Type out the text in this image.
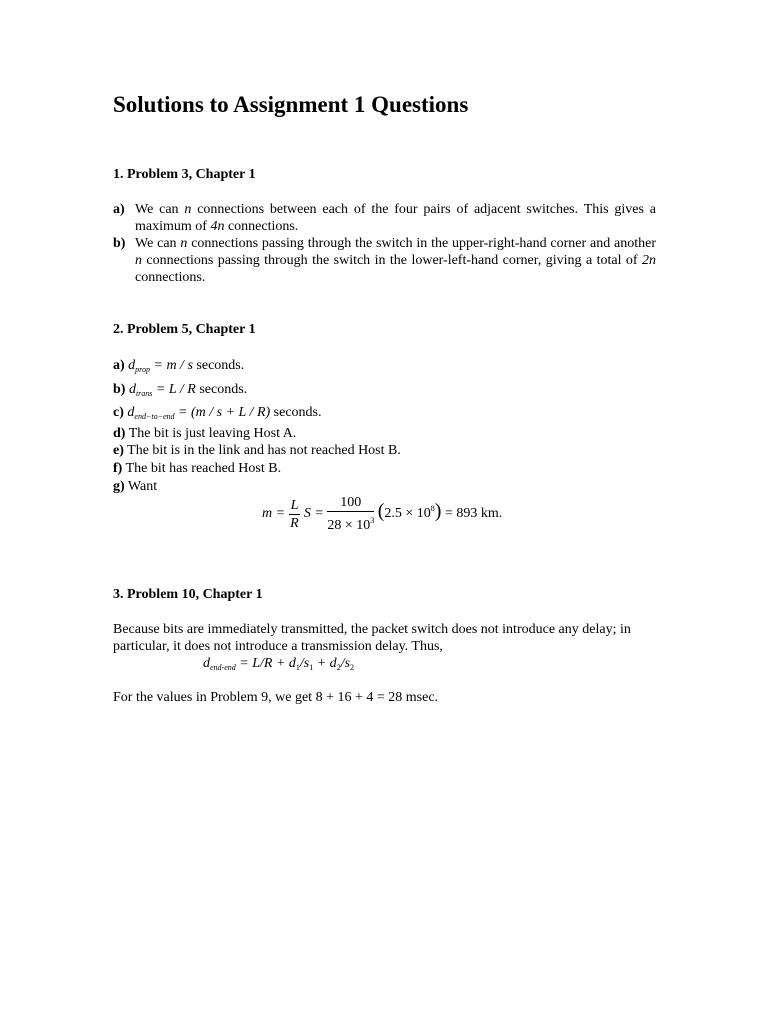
Solutions to Assignment 1 Questions
1. Problem 3, Chapter 1
a) We can n connections between each of the four pairs of adjacent switches. This gives a maximum of 4n connections.
b) We can n connections passing through the switch in the upper-right-hand corner and another n connections passing through the switch in the lower-left-hand corner, giving a total of 2n connections.
2. Problem 5, Chapter 1
a) $d_{prop} = m / s$ seconds.
b) $d_{trans} = L / R$ seconds.
c) $d_{end-to-end} = (m / s + L / R)$ seconds.
d) The bit is just leaving Host A.
e) The bit is in the link and has not reached Host B.
f) The bit has reached Host B.
g) Want
$m = \frac{L}{R}$ $S = \frac{100}{28 \times 10^3} (2.5 \times 10^8) = 893$ km.
3. Problem 10, Chapter 1
Because bits are immediately transmitted, the packet switch does not introduce any delay; in particular, it does not introduce a transmission delay. Thus,
$d_{end-end} = L/R + d_1/s_1 + d_2/s_2$
For the values in Problem 9, we get 8 + 16 + 4 = 28 msec.
